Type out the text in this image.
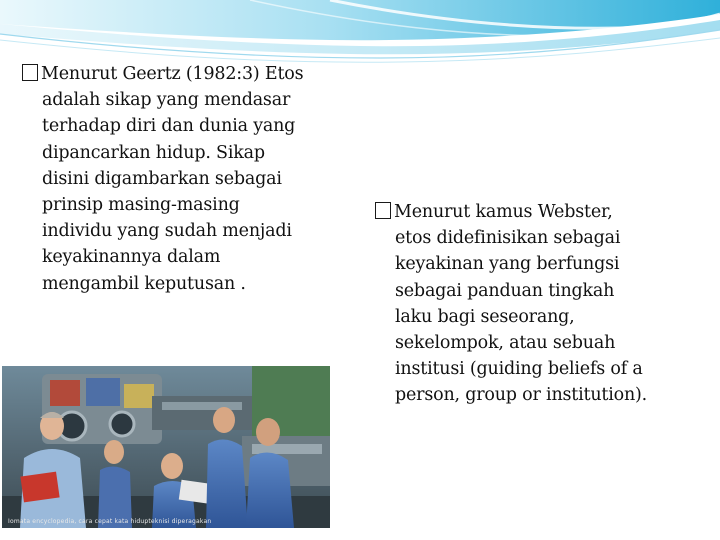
Menurut Geertz (1982:3) Etos
adalah sikap yang mendasar
terhadap diri dan dunia yang
dipancarkan hidup. Sikap
disini digambarkan sebagai
prinsip masing-masing
individu yang sudah menjadi
keyakinannya dalam
mengambil keputusan .
Menurut kamus Webster,
etos didefinisikan sebagai
keyakinan yang berfungsi
sebagai panduan tingkah
laku bagi seseorang,
sekelompok, atau sebuah
institusi (guiding beliefs of a
person, group or institution).
Iomata encyclopedia, cara cepat kata hidupteknisi diperagakan
